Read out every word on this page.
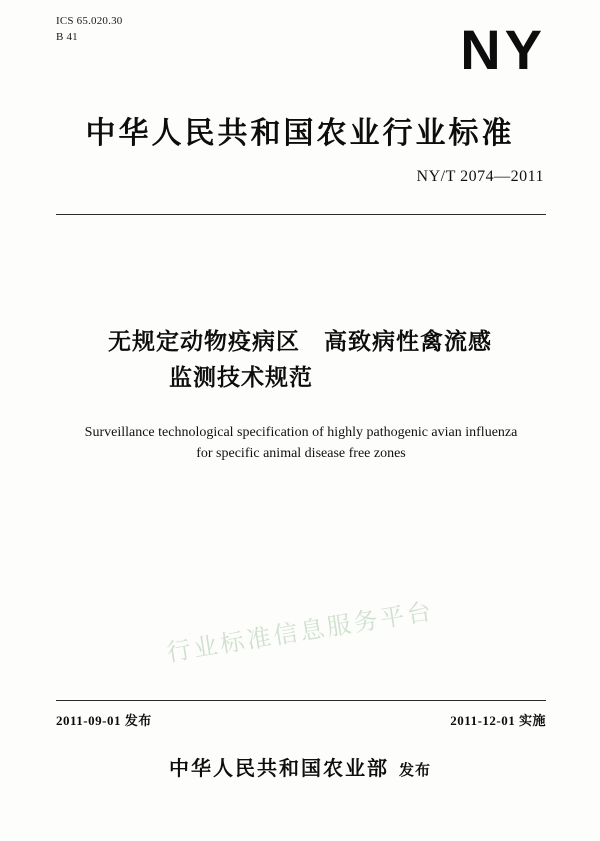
ICS 65.020.30
B 41	NY
中华人民共和国农业行业标准
NY/T 2074—2011
无规定动物疫病区　高致病性禽流感
监测技术规范
Surveillance technological specification of highly pathogenic avian influenza
for specific animal disease free zones
行业标准信息服务平台
2011-09-01 发布	2011-12-01 实施
中华人民共和国农业部 发布
